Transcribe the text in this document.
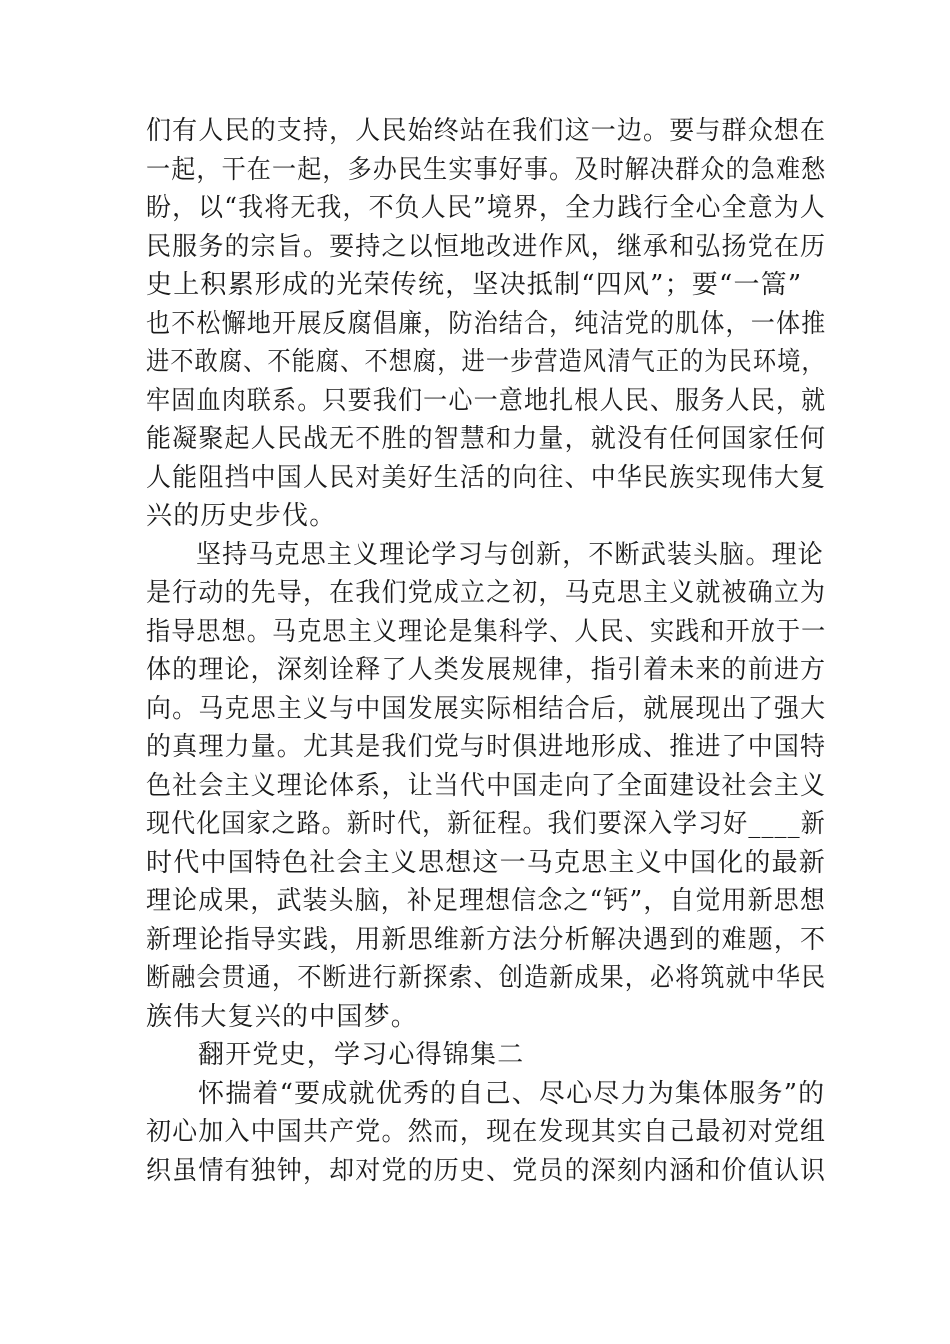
们有人民的支持，人民始终站在我们这一边。要与群众想在
一起，干在一起，多办民生实事好事。及时解决群众的急难愁
盼，以“我将无我，不负人民”境界，全力践行全心全意为人
民服务的宗旨。要持之以恒地改进作风，继承和弘扬党在历
史上积累形成的光荣传统，坚决抵制“四风”；要“一篙”
也不松懈地开展反腐倡廉，防治结合，纯洁党的肌体，一体推
进不敢腐、不能腐、不想腐，进一步营造风清气正的为民环境，
牢固血肉联系。只要我们一心一意地扎根人民、服务人民，就
能凝聚起人民战无不胜的智慧和力量，就没有任何国家任何
人能阻挡中国人民对美好生活的向往、中华民族实现伟大复
兴的历史步伐。
坚持马克思主义理论学习与创新，不断武装头脑。理论
是行动的先导，在我们党成立之初，马克思主义就被确立为
指导思想。马克思主义理论是集科学、人民、实践和开放于一
体的理论，深刻诠释了人类发展规律，指引着未来的前进方
向。马克思主义与中国发展实际相结合后，就展现出了强大
的真理力量。尤其是我们党与时俱进地形成、推进了中国特
色社会主义理论体系，让当代中国走向了全面建设社会主义
现代化国家之路。新时代，新征程。我们要深入学习好____新
时代中国特色社会主义思想这一马克思主义中国化的最新
理论成果，武装头脑，补足理想信念之“钙”，自觉用新思想
新理论指导实践，用新思维新方法分析解决遇到的难题，不
断融会贯通，不断进行新探索、创造新成果，必将筑就中华民
族伟大复兴的中国梦。
翻开党史，学习心得锦集二
怀揣着“要成就优秀的自己、尽心尽力为集体服务”的
初心加入中国共产党。然而，现在发现其实自己最初对党组
织虽情有独钟，却对党的历史、党员的深刻内涵和价值认识
